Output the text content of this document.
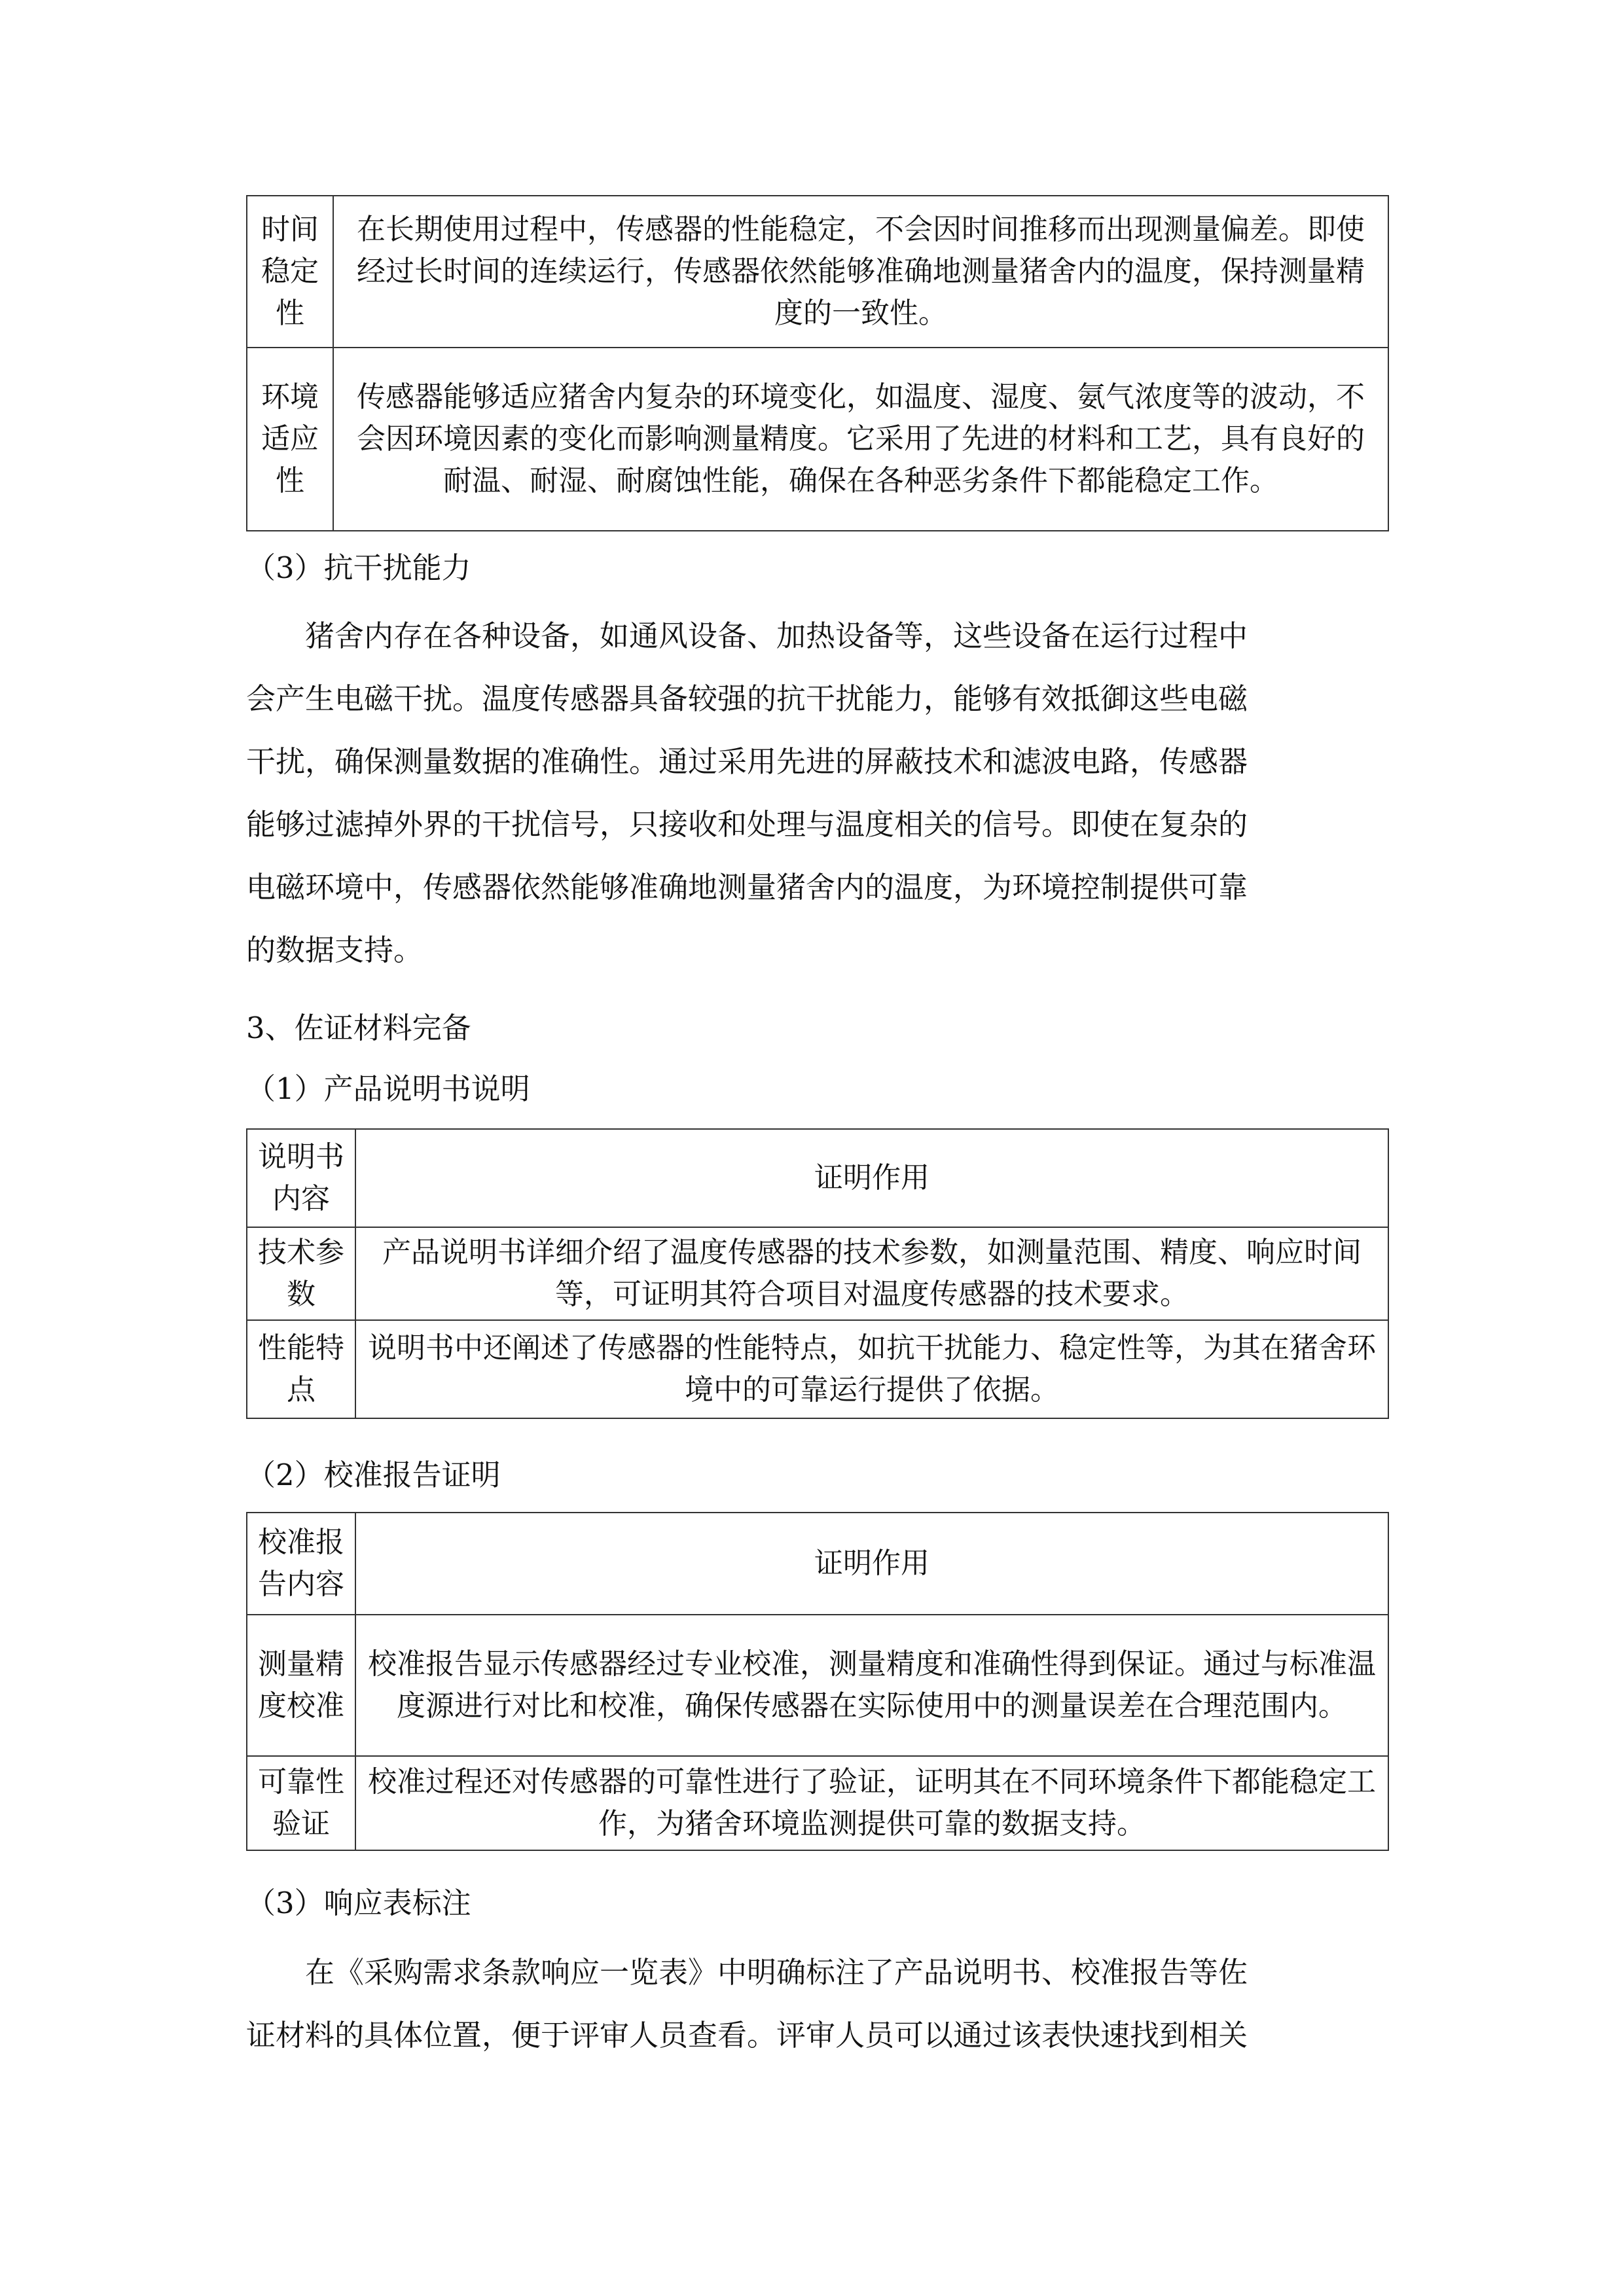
时间
稳定
性	在长期使用过程中，传感器的性能稳定，不会因时间推移而出现测量偏差。即使经过长时间的连续运行，传感器依然能够准确地测量猪舍内的温度，保持测量精度的一致性。
环境
适应
性	传感器能够适应猪舍内复杂的环境变化，如温度、湿度、氨气浓度等的波动，不会因环境因素的变化而影响测量精度。它采用了先进的材料和工艺，具有良好的耐温、耐湿、耐腐蚀性能，确保在各种恶劣条件下都能稳定工作。
（3）抗干扰能力

猪舍内存在各种设备，如通风设备、加热设备等，这些设备在运行过程中
会产生电磁干扰。温度传感器具备较强的抗干扰能力，能够有效抵御这些电磁
干扰，确保测量数据的准确性。通过采用先进的屏蔽技术和滤波电路，传感器
能够过滤掉外界的干扰信号，只接收和处理与温度相关的信号。即使在复杂的
电磁环境中，传感器依然能够准确地测量猪舍内的温度，为环境控制提供可靠
的数据支持。

3、佐证材料完备
（1）产品说明书说明
说明书
内容	证明作用
技术参
数	产品说明书详细介绍了温度传感器的技术参数，如测量范围、精度、响应时间等，可证明其符合项目对温度传感器的技术要求。
性能特
点	说明书中还阐述了传感器的性能特点，如抗干扰能力、稳定性等，为其在猪舍环境中的可靠运行提供了依据。
（2）校准报告证明
校准报
告内容	证明作用
测量精
度校准	校准报告显示传感器经过专业校准，测量精度和准确性得到保证。通过与标准温度源进行对比和校准，确保传感器在实际使用中的测量误差在合理范围内。
可靠性
验证	校准过程还对传感器的可靠性进行了验证，证明其在不同环境条件下都能稳定工作，为猪舍环境监测提供可靠的数据支持。
（3）响应表标注

在《采购需求条款响应一览表》中明确标注了产品说明书、校准报告等佐
证材料的具体位置，便于评审人员查看。评审人员可以通过该表快速找到相关
